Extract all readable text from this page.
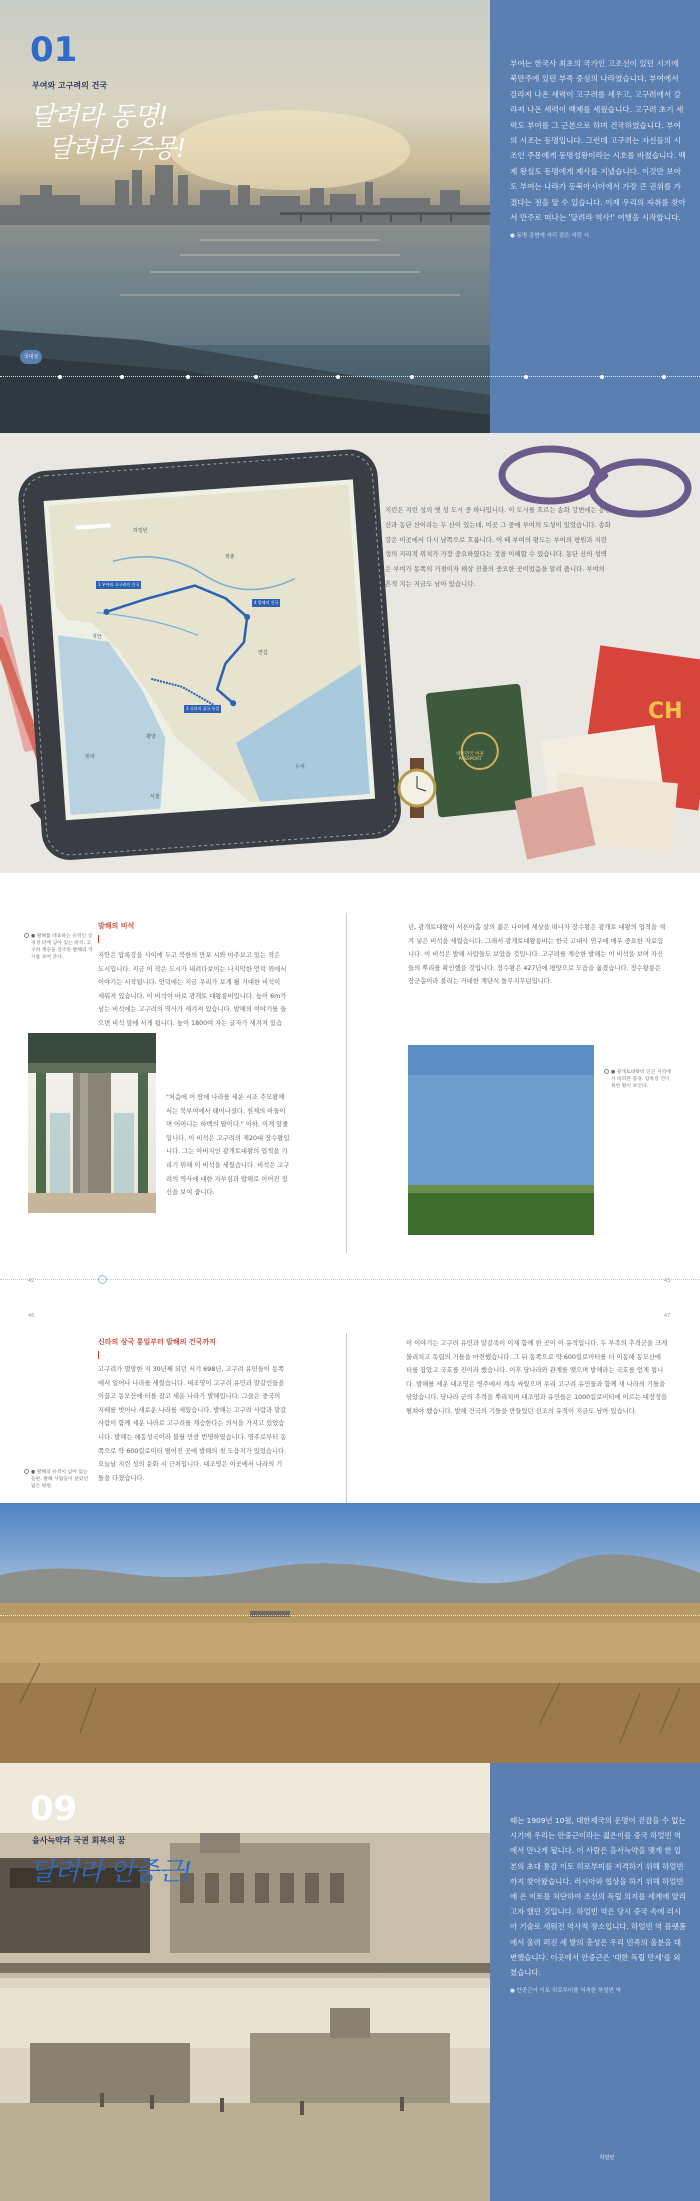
01
부여와 고구려의 건국
달려라 동명!
달려라 주몽!
국내성

부여는 한국사 최초의 국가인 고조선이 있던 시기에 북만주에 있던 부족 중심의 나라였습니다. 부여에서 갈라져 나온 세력이 고구려를 세우고, 고구려에서 갈라져 나온 세력이 백제를 세웠습니다. 고구려 초기 세력도 부여를 그 근본으로 하며 건국하였습니다. 부여의 시조는 동명입니다. 그런데 고구려는 자신들의 시조인 주몽에게 동명성왕이라는 시호를 바쳤습니다. 백제 왕실도 동명에게 제사를 지냈습니다. 이것만 보아도 부여는 나라가 동북아시아에서 가장 큰 권위를 가졌다는 점을 알 수 있습니다. 이제 우리의 자취를 찾아서 만주로 떠나는 '달려라 역사!' 여행을 시작합니다.

● 동명 강변에 자리 잡은 지린 시
하얼빈
장춘
지안
연길
평양
서울
동해
황해
1 부여와 고구려의 건국
4 발해의 건국
3 신라의 삼국 통일
지린은 지린 성의 옛 성 도시 중 하나입니다. 이 도시를 흐르는 송화 강변에는 용탄 산과 동단 산이라는 두 산이 있는데, 이곳 그 중에 부여의 도성이 있었습니다. 송화 강은 이곳에서 다시 남쪽으로 흐릅니다. 이 때 부여의 왕도는 부여의 평원과 지린 성의 지리적 위치가 가장 중요하였다는 것을 이해할 수 있습니다. 동단 산의 성벽은 부여가 동쪽의 거점이자 해상 진출의 중요한 곳이었음을 알려 줍니다. 부여의 흔적 지는 지금도 남아 있습니다.
대한민국 여권 PASSPORT
CH
발해의 비석
● 발해를 대표하는 유적인 상경성 터에 남아 있는 비석. 고구려 계승을 강조한 발해의 역사를 보여 준다.	지안은 압록강을 사이에 두고 북한의 만포 시와 마주보고 있는 작은 도시입니다. 지금 이 작은 도시가 내려다보이는 나지막한 언덕 위에서 이야기는 시작됩니다. 언덕에는 지금 우리가 보게 될 거대한 비석이 세워져 있습니다. 이 비석이 바로 광개토 대왕릉비입니다. 높이 6m가 넘는 비석에는 고구려의 역사가 새겨져 있습니다. 발해의 이야기를 들으면 비석 앞에 서게 됩니다. 높이 1800여 자는 글자가 새겨져 있습
"처음에 이 땅에 나라를 세운 시조 추모왕께서는 북부여에서 태어나셨다. 천제의 아들이며 어머니는 하백의 딸이다." 아하, 이게 앞줄입니다. 이 비석은 고구려의 제20대 장수왕입니다. 그는 아버지인 광개토대왕의 업적을 기리기 위해 이 비석을 세웠습니다. 비석은 고구려의 역사에 대한 자부심과 발해로 이어진 정신을 보여 줍니다.
년, 광개토대왕이 서른아홉 살의 젊은 나이에 세상을 떠나자 장수왕은 광개토 대왕의 업적을 새겨 넣은 비석을 세웠습니다. 그래서 광개토대왕릉비는 한국 고대사 연구에 매우 중요한 자료입니다. 이 비석은 발해 사람들도 보았을 것입니다. 고구려를 계승한 발해는 이 비석을 보며 자신들의 뿌리를 확인했을 것입니다. 장수왕은 427년에 평양으로 도읍을 옮겼습니다. 장수왕릉은 장군총이라 불리는 거대한 계단식 돌무지무덤입니다.
● 광개토대왕비 인근 지역에서 바라본 풍경. 압록강 건너 북한 땅이 보인다.
42	43
신라의 삼국 통일부터 발해의 건국까지
고구려가 멸망한 지 30년째 되던 서기 698년, 고구려 유민들이 동쪽에서 일어나 나라를 세웠습니다. 대조영이 고구려 유민과 말갈인들을 이끌고 동모산에 터를 잡고 세운 나라가 발해입니다. 그들은 중국의 지배를 벗어나 새로운 나라를 세웠습니다. 발해는 고구려 사람과 말갈 사람이 함께 세운 나라로 고구려를 계승한다는 의식을 가지고 있었습니다. 발해는 해동성국이라 불릴 만큼 번영하였습니다. 영주로부터 동쪽으로 약 600킬로미터 떨어진 곳에 발해의 첫 도읍지가 있었습니다. 오늘날 지린 성의 둔화 시 근처입니다. 대조영은 이곳에서 나라의 기틀을 다졌습니다.
● 발해의 유적이 남아 있는 들판. 발해 사람들이 살았던 넓은 평원.
이 이야기는 고구려 유민과 말갈족이 이제 함께 한 곳이 이 유적입니다. 두 부족의 추격군을 크게 물리치고 독립의 기틀을 마련했습니다. 그 뒤 동쪽으로 약 600킬로미터를 더 이동해 동모산에 터를 잡았고 국호를 진이라 했습니다. 이후 당나라와 관계를 맺으며 발해라는 국호를 얻게 됩니다. 발해를 세운 대조영은 영주에서 계속 싸웠으며 우리 고구려 유민들과 함께 새 나라의 기틀을 닦았습니다. 당나라 군의 추격을 뿌리치며 대조영과 유민들은 1000킬로미터에 이르는 대장정을 펼쳐야 했습니다. 발해 건국의 기틀을 만들었던 선조의 유적이 지금도 남아 있습니다.
46	47
09
을사늑약과 국권 회복의 꿈
달려라 안중근!

때는 1909년 10월, 대한제국의 운명이 걷잡을 수 없는 시기에 우리는 안중근이라는 젊은이를 중국 하얼빈 역에서 만나게 됩니다. 이 사람은 을사늑약을 맺게 한 일본의 초대 통감 이토 히로부미를 저격하기 위해 하얼빈까지 찾아왔습니다. 러시아와 협상을 하기 위해 하얼빈에 온 이토를 처단하여 조선의 독립 의지를 세계에 알리고자 했던 것입니다. 하얼빈 역은 당시 중국 속에 러시아 기술로 세워진 역사적 장소입니다. 하얼빈 역 플랫폼에서 울려 퍼진 세 발의 총성은 우리 민족의 울분을 대변했습니다. 이곳에서 안중근은 '대한 독립 만세'를 외쳤습니다.

● 안중근이 이토 히로부미를 저격한 하얼빈 역
하얼빈
